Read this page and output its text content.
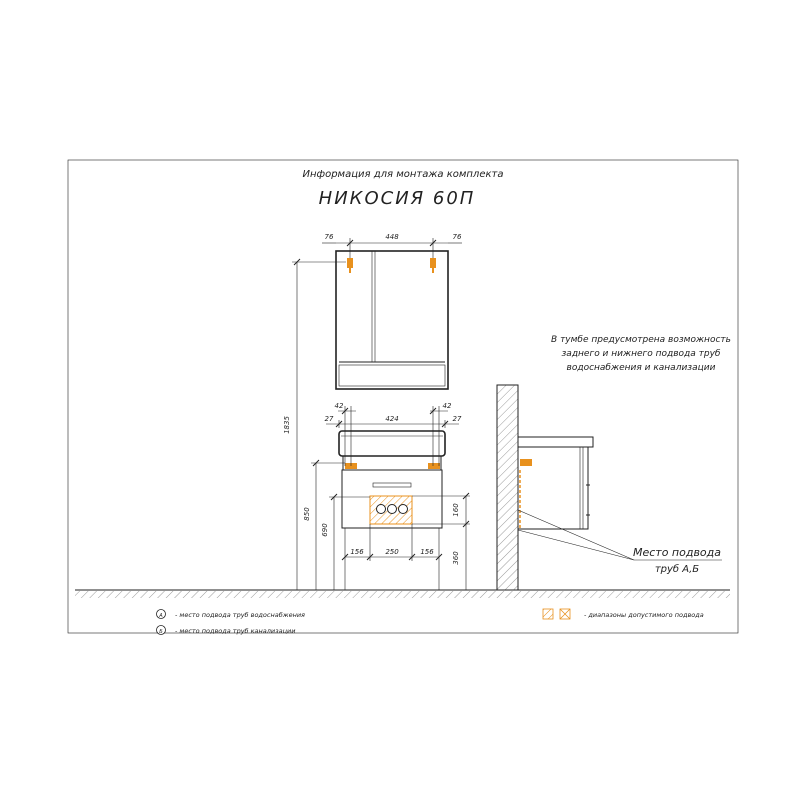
Информация для монтажа комплекта
НИКОСИЯ 60П
76	448	76
42	42
27	424	27
1835
850
690
160
360
156	250	156
В тумбе предусмотрена возможность
заднего и нижнего подвода труб
водоснабжения и канализации
Место подвода
труб А,Б
А - место подвода труб водоснабжения
Б - место подвода труб канализации
- диапазоны допустимого подвода
